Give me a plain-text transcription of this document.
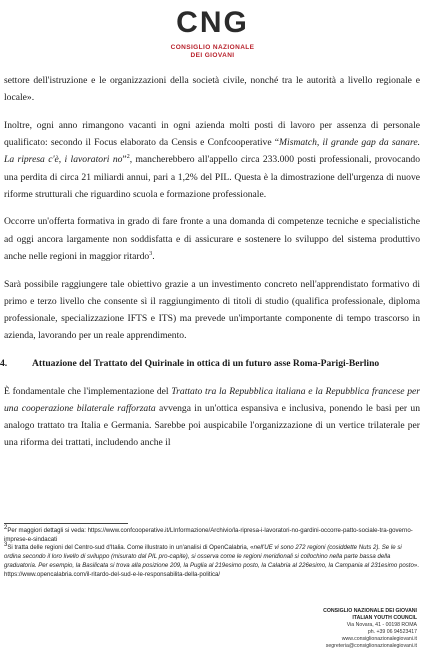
CNG
CONSIGLIO NAZIONALE
DEI GIOVANI

settore dell'istruzione e le organizzazioni della società civile, nonché tra le autorità a livello regionale e locale».

Inoltre, ogni anno rimangono vacanti in ogni azienda molti posti di lavoro per assenza di personale qualificato: secondo il Focus elaborato da Censis e Confcooperative “Mismatch, il grande gap da sanare. La ripresa c'è, i lavoratori no”$^2$, mancherebbero all'appello circa 233.000 posti professionali, provocando una perdita di circa 21 miliardi annui, pari a 1,2% del PIL. Questa è la dimostrazione dell'urgenza di nuove riforme strutturali che riguardino scuola e formazione professionale.

Occorre un'offerta formativa in grado di fare fronte a una domanda di competenze tecniche e specialistiche ad oggi ancora largamente non soddisfatta e di assicurare e sostenere lo sviluppo del sistema produttivo anche nelle regioni in maggior ritardo$^3$.

Sarà possibile raggiungere tale obiettivo grazie a un investimento concreto nell'apprendistato formativo di primo e terzo livello che consente sì il raggiungimento di titoli di studio (qualifica professionale, diploma professionale, specializzazione IFTS e ITS) ma prevede un'importante componente di tempo trascorso in azienda, lavorando per un reale apprendimento.

4.	Attuazione del Trattato del Quirinale in ottica di un futuro asse Roma-Parigi-Berlino

È fondamentale che l'implementazione del Trattato tra la Repubblica italiana e la Repubblica francese per una cooperazione bilaterale rafforzata avvenga in un'ottica espansiva e inclusiva, ponendo le basi per un analogo trattato tra Italia e Germania. Sarebbe poi auspicabile l'organizzazione di un vertice trilaterale per una riforma dei trattati, includendo anche il

$^2$Per maggiori dettagli si veda: https://www.confcooperative.it/LInformazione/Archivio/la-ripresa-i-lavoratori-no-gardini-occorre-patto-sociale-tra-governo-imprese-e-sindacati

$^3$Si tratta delle regioni del Centro-sud d'Italia. Come illustrato in un'analisi di OpenCalabria, «nell'UE vi sono 272 regioni (cosiddette Nuts 2). Se le si ordina secondo il loro livello di sviluppo (misurato dal PIL pro-capite), si osserva come le regioni meridionali si collochino nella parte bassa della graduatoria. Per esempio, la Basilicata si trova alla posizione 209, la Puglia al 219esimo posto, la Calabria al 226esimo, la Campania al 231esimo posto». https://www.opencalabria.com/il-ritardo-del-sud-e-le-responsabilita-della-politica/

CONSIGLIO NAZIONALE DEI GIOVANI
ITALIAN YOUTH COUNCIL
Via Novara, 41 - 00198 ROMA
ph. +39 06 94523417
www.consiglionazionalegiovani.it
segreteria@consiglionazionalegiovani.it
